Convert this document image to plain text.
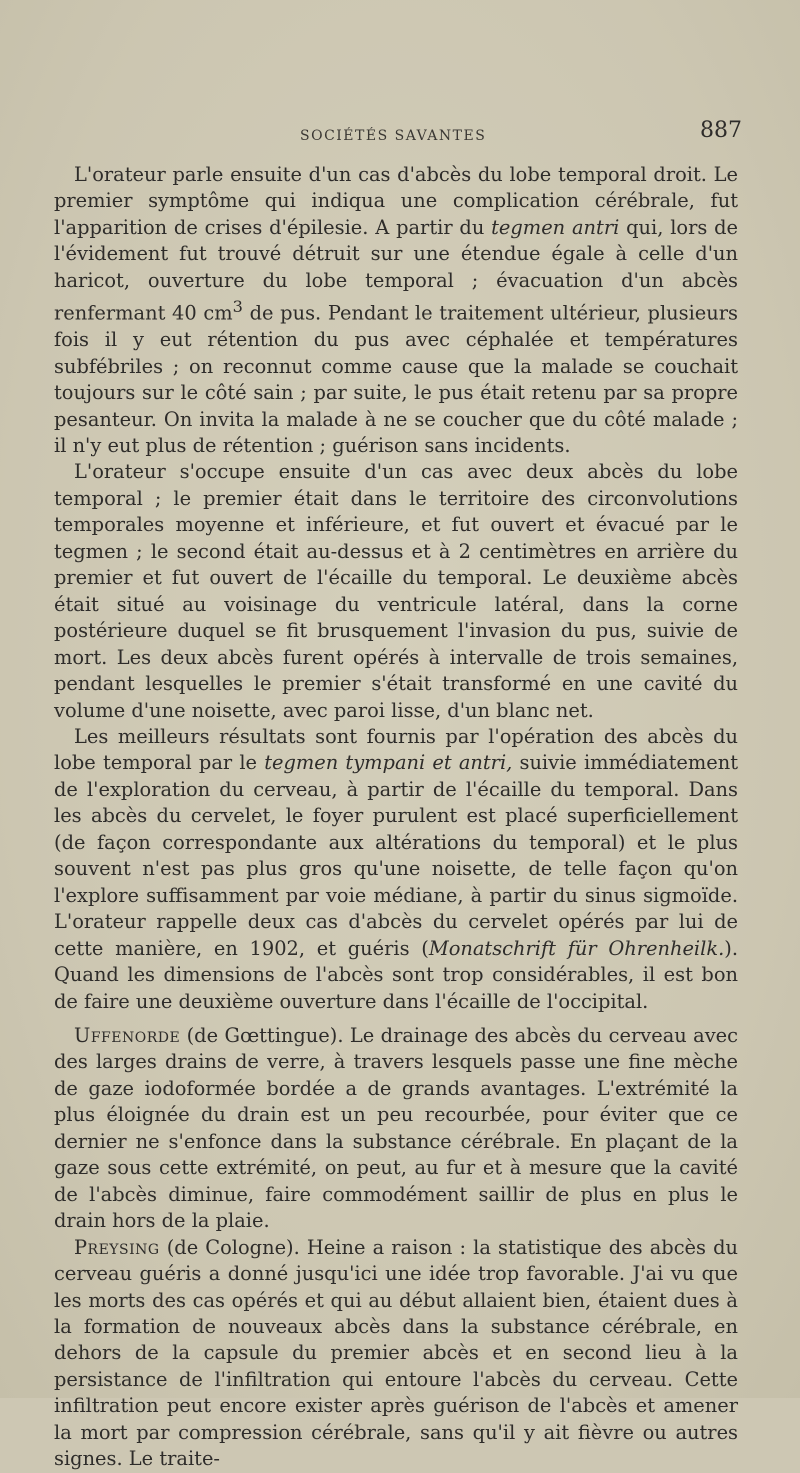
SOCIÉTÉS SAVANTES	887

L'orateur parle ensuite d'un cas d'abcès du lobe temporal droit. Le premier symptôme qui indiqua une complication cérébrale, fut l'apparition de crises d'épilesie. A partir du tegmen antri qui, lors de l'évidement fut trouvé détruit sur une étendue égale à celle d'un haricot, ouverture du lobe temporal ; évacuation d'un abcès renfermant 40 $cm^3$ de pus. Pendant le traitement ultérieur, plusieurs fois il y eut rétention du pus avec céphalée et températures subfébriles ; on reconnut comme cause que la malade se couchait toujours sur le côté sain ; par suite, le pus était retenu par sa propre pesanteur. On invita la malade à ne se coucher que du côté malade ; il n'y eut plus de rétention ; guérison sans incidents.

L'orateur s'occupe ensuite d'un cas avec deux abcès du lobe temporal ; le premier était dans le territoire des circonvolutions temporales moyenne et inférieure, et fut ouvert et évacué par le tegmen ; le second était au-dessus et à 2 centimètres en arrière du premier et fut ouvert de l'écaille du temporal. Le deuxième abcès était situé au voisinage du ventricule latéral, dans la corne postérieure duquel se fit brusquement l'invasion du pus, suivie de mort. Les deux abcès furent opérés à intervalle de trois semaines, pendant lesquelles le premier s'était transformé en une cavité du volume d'une noisette, avec paroi lisse, d'un blanc net.

Les meilleurs résultats sont fournis par l'opération des abcès du lobe temporal par le tegmen tympani et antri, suivie immédiatement de l'exploration du cerveau, à partir de l'écaille du temporal. Dans les abcès du cervelet, le foyer purulent est placé superficiellement (de façon correspondante aux altérations du temporal) et le plus souvent n'est pas plus gros qu'une noisette, de telle façon qu'on l'explore suffisamment par voie médiane, à partir du sinus sigmoïde. L'orateur rappelle deux cas d'abcès du cervelet opérés par lui de cette manière, en 1902, et guéris (Monatschrift für Ohrenheilk.). Quand les dimensions de l'abcès sont trop considérables, il est bon de faire une deuxième ouverture dans l'écaille de l'occipital.

Uffenorde (de Gœttingue). Le drainage des abcès du cerveau avec des larges drains de verre, à travers lesquels passe une fine mèche de gaze iodoformée bordée a de grands avantages. L'extrémité la plus éloignée du drain est un peu recourbée, pour éviter que ce dernier ne s'enfonce dans la substance cérébrale. En plaçant de la gaze sous cette extrémité, on peut, au fur et à mesure que la cavité de l'abcès diminue, faire commodément saillir de plus en plus le drain hors de la plaie.

Preysing (de Cologne). Heine a raison : la statistique des abcès du cerveau guéris a donné jusqu'ici une idée trop favorable. J'ai vu que les morts des cas opérés et qui au début allaient bien, étaient dues à la formation de nouveaux abcès dans la substance cérébrale, en dehors de la capsule du premier abcès et en second lieu à la persistance de l'infiltration qui entoure l'abcès du cerveau. Cette infiltration peut encore exister après guérison de l'abcès et amener la mort par compression cérébrale, sans qu'il y ait fièvre ou autres signes. Le traite-
